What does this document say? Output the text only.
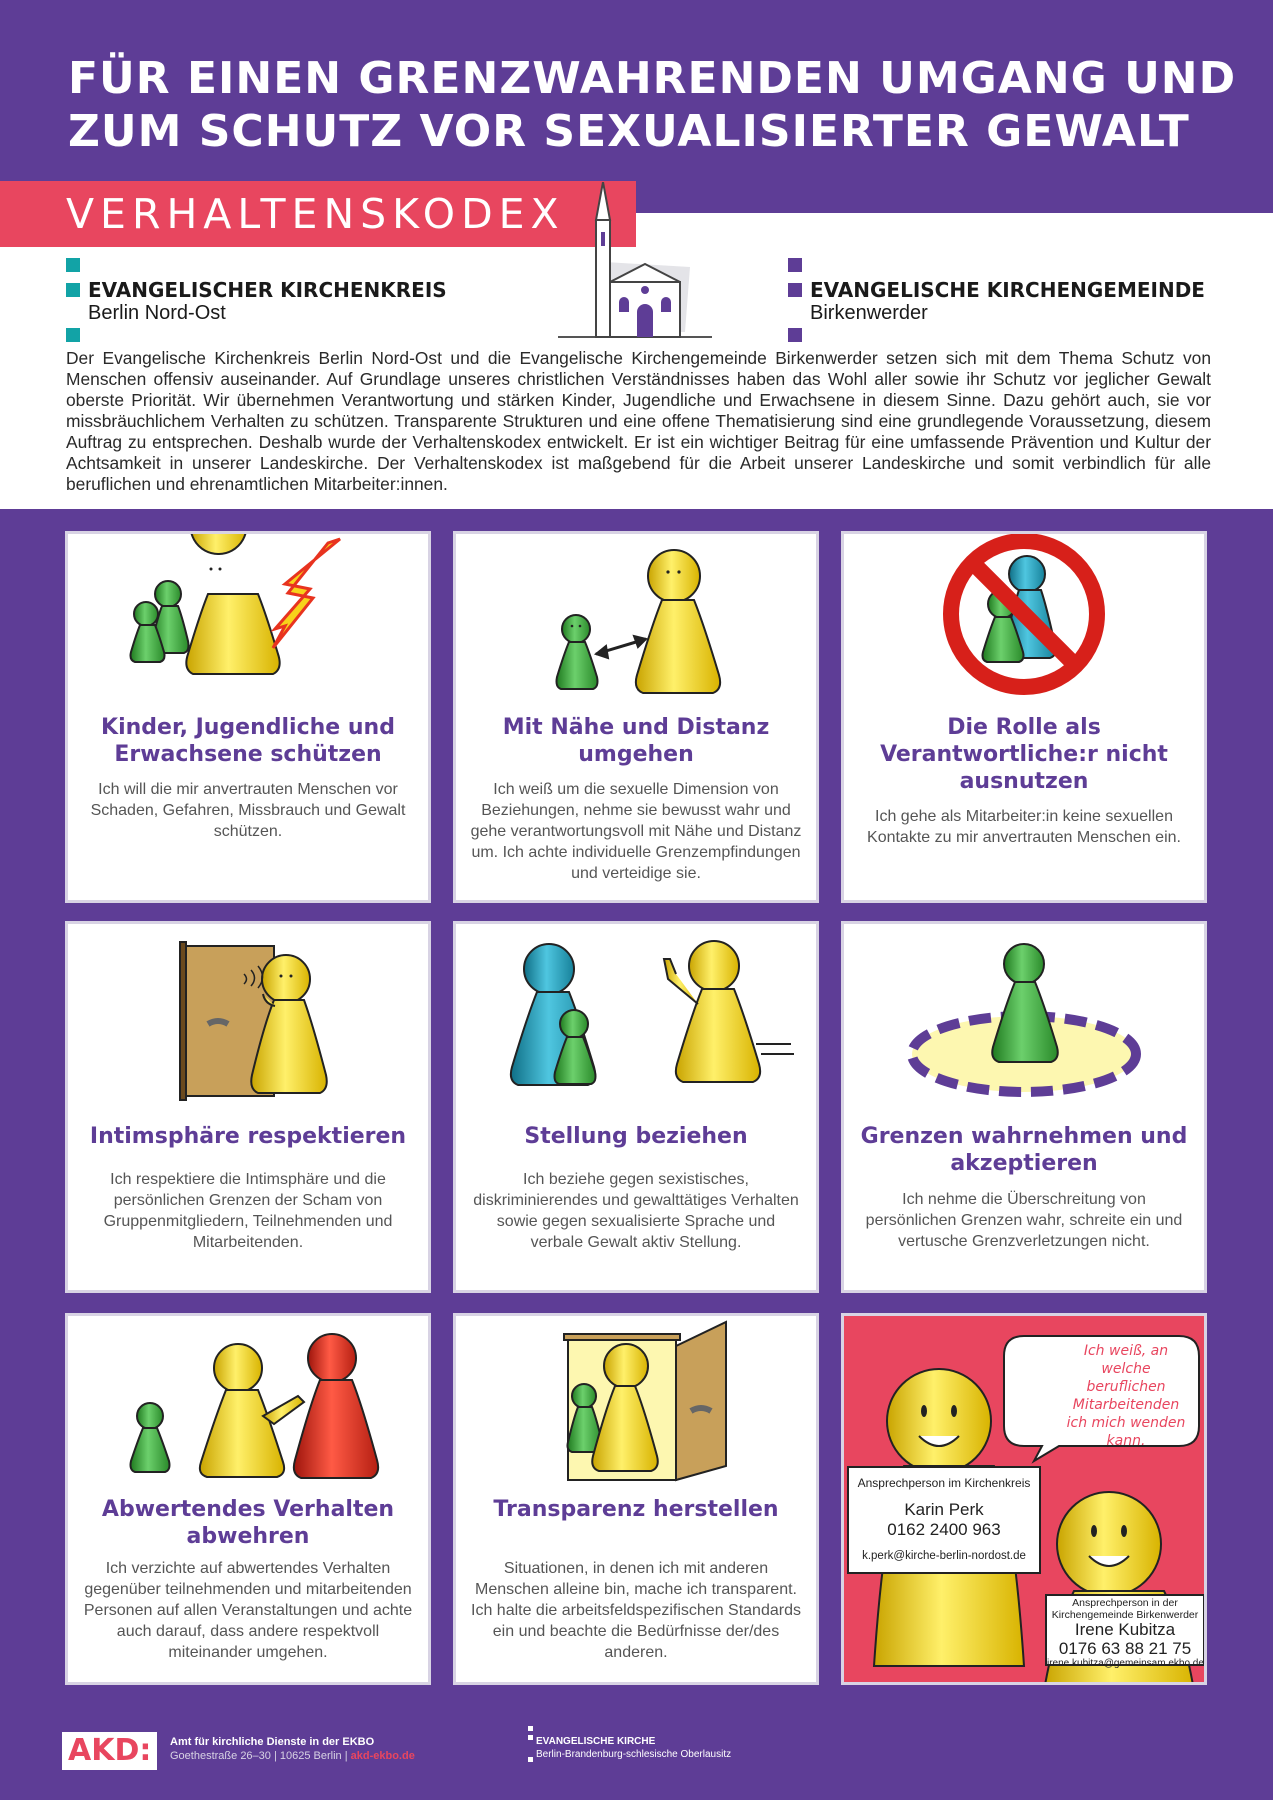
FÜR EINEN GRENZWAHRENDEN UMGANG UND
ZUM SCHUTZ VOR SEXUALISIERTER GEWALT
VERHALTENSKODEX
EVANGELISCHER KIRCHENKREIS
Berlin Nord-Ost
EVANGELISCHE KIRCHENGEMEINDE
Birkenwerder
Der Evangelische Kirchenkreis Berlin Nord-Ost und die Evangelische Kirchengemeinde Birkenwerder setzen sich mit dem Thema Schutz von Menschen offensiv auseinander. Auf Grundlage unseres christlichen Verständnisses haben das Wohl aller sowie ihr Schutz vor jeglicher Gewalt oberste Priorität. Wir übernehmen Verantwortung und stärken Kinder, Jugendliche und Erwachsene in diesem Sinne. Dazu gehört auch, sie vor missbräuchlichem Verhalten zu schützen. Transparente Strukturen und eine offene Thematisierung sind eine grundlegende Voraussetzung, diesem Auftrag zu entsprechen. Deshalb wurde der Verhaltenskodex entwickelt. Er ist ein wichtiger Beitrag für eine umfassende Prävention und Kultur der Achtsamkeit in unserer Landeskirche. Der Verhaltenskodex ist maßgebend für die Arbeit unserer Landeskirche und somit verbindlich für alle beruflichen und ehrenamtlichen Mitarbeiter:innen.
Kinder, Jugendliche und Erwachsene schützen
Ich will die mir anvertrauten Menschen vor Schaden, Gefahren, Missbrauch und Gewalt schützen.
Mit Nähe und Distanz umgehen
Ich weiß um die sexuelle Dimension von Beziehungen, nehme sie bewusst wahr und gehe verantwortungsvoll mit Nähe und Distanz um. Ich achte individuelle Grenzempfindungen und verteidige sie.
Die Rolle als Verantwortliche:r nicht ausnutzen
Ich gehe als Mitarbeiter:in keine sexuellen Kontakte zu mir anvertrauten Menschen ein.
Intimsphäre respektieren
Ich respektiere die Intimsphäre und die persönlichen Grenzen der Scham von Gruppenmitgliedern, Teilnehmenden und Mitarbeitenden.
Stellung beziehen
Ich beziehe gegen sexistisches, diskriminierendes und gewalttätiges Verhalten sowie gegen sexualisierte Sprache und verbale Gewalt aktiv Stellung.
Grenzen wahrnehmen und akzeptieren
Ich nehme die Überschreitung von persönlichen Grenzen wahr, schreite ein und vertusche Grenzverletzungen nicht.
Abwertendes Verhalten abwehren
Ich verzichte auf abwertendes Verhalten gegenüber teilnehmenden und mitarbeitenden Personen auf allen Veranstaltungen und achte auch darauf, dass andere respektvoll miteinander umgehen.
Transparenz herstellen
Situationen, in denen ich mit anderen Menschen alleine bin, mache ich transparent. Ich halte die arbeitsfeldspezifischen Standards ein und beachte die Bedürfnisse der/des anderen.
Ich weiß, an welche beruflichen Mitarbeitenden ich mich wenden kann.
Ansprechperson im Kirchenkreis
Karin Perk
0162 2400 963
k.perk@kirche-berlin-nordost.de
Ansprechperson in der Kirchengemeinde Birkenwerder
Irene Kubitza
0176 63 88 21 75
irene.kubitza@gemeinsam.ekbo.de
AKD:	Amt für kirchliche Dienste in der EKBO
Goethestraße 26–30 | 10625 Berlin | akd-ekbo.de
EVANGELISCHE KIRCHE
Berlin-Brandenburg-schlesische Oberlausitz
